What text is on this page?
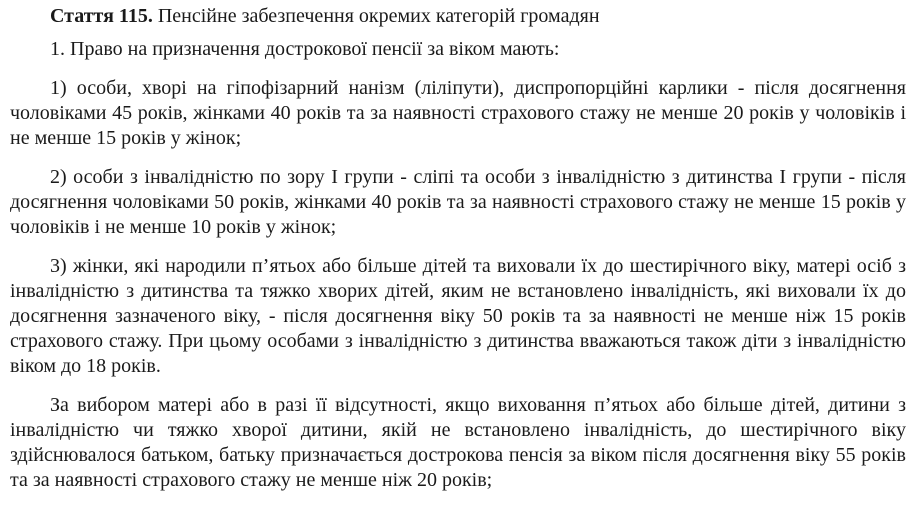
Стаття 115. Пенсійне забезпечення окремих категорій громадян

1. Право на призначення дострокової пенсії за віком мають:

1) особи, хворі на гіпофізарний нанізм (ліліпути), диспропорційні карлики - після досягнення чоловіками 45 років, жінками 40 років та за наявності страхового стажу не менше 20 років у чоловіків і не менше 15 років у жінок;

2) особи з інвалідністю по зору I групи - сліпі та особи з інвалідністю з дитинства I групи - після досягнення чоловіками 50 років, жінками 40 років та за наявності страхового стажу не менше 15 років у чоловіків і не менше 10 років у жінок;

3) жінки, які народили п’ятьох або більше дітей та виховали їх до шестирічного віку, матері осіб з інвалідністю з дитинства та тяжко хворих дітей, яким не встановлено інвалідність, які виховали їх до досягнення зазначеного віку, - після досягнення віку 50 років та за наявності не менше ніж 15 років страхового стажу. При цьому особами з інвалідністю з дитинства вважаються також діти з інвалідністю віком до 18 років.

За вибором матері або в разі її відсутності, якщо виховання п’ятьох або більше дітей, дитини з інвалідністю чи тяжко хворої дитини, якій не встановлено інвалідність, до шестирічного віку здійснювалося батьком, батьку призначається дострокова пенсія за віком після досягнення віку 55 років та за наявності страхового стажу не менше ніж 20 років;
